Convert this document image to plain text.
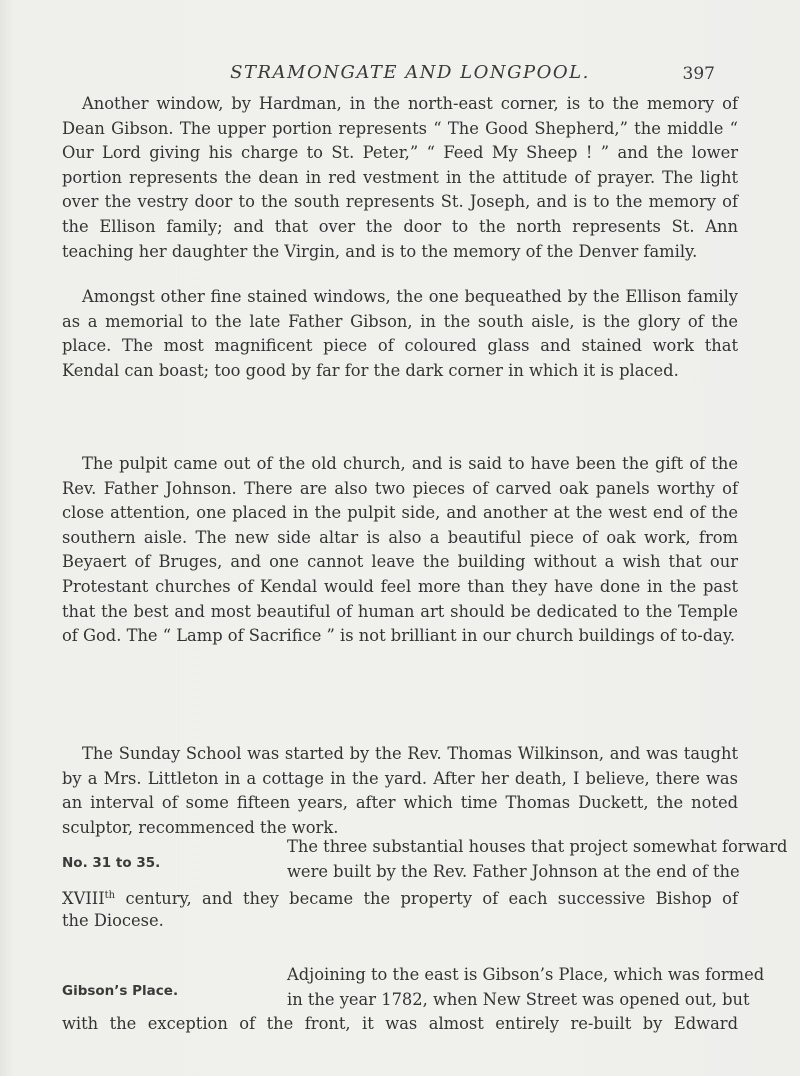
STRAMONGATE AND LONGPOOL.	397

Another window, by Hardman, in the north-east corner, is to the memory of Dean Gibson. The upper portion represents “ The Good Shepherd,” the middle “ Our Lord giving his charge to St. Peter,” “ Feed My Sheep ! ” and the lower portion represents the dean in red vestment in the attitude of prayer. The light over the vestry door to the south represents St. Joseph, and is to the memory of the Ellison family; and that over the door to the north represents St. Ann teaching her daughter the Virgin, and is to the memory of the Denver family.

Amongst other fine stained windows, the one bequeathed by the Ellison family as a memorial to the late Father Gibson, in the south aisle, is the glory of the place. The most magnificent piece of coloured glass and stained work that Kendal can boast; too good by far for the dark corner in which it is placed.

The pulpit came out of the old church, and is said to have been the gift of the Rev. Father Johnson. There are also two pieces of carved oak panels worthy of close attention, one placed in the pulpit side, and another at the west end of the southern aisle. The new side altar is also a beautiful piece of oak work, from Beyaert of Bruges, and one cannot leave the building without a wish that our Protestant churches of Kendal would feel more than they have done in the past that the best and most beautiful of human art should be dedicated to the Temple of God. The “ Lamp of Sacrifice ” is not brilliant in our church buildings of to-day.

The Sunday School was started by the Rev. Thomas Wilkinson, and was taught by a Mrs. Littleton in a cottage in the yard. After her death, I believe, there was an interval of some fifteen years, after which time Thomas Duckett, the noted sculptor, recommenced the work.

No. 31 to 35.
The three substantial houses that project somewhat forward
were built by the Rev. Father Johnson at the end of the
XVIIIth century, and they became the property of each successive Bishop of
the Diocese.
Gibson’s Place.
Adjoining to the east is Gibson’s Place, which was formed
in the year 1782, when New Street was opened out, but
with the exception of the front, it was almost entirely re-built by Edward
